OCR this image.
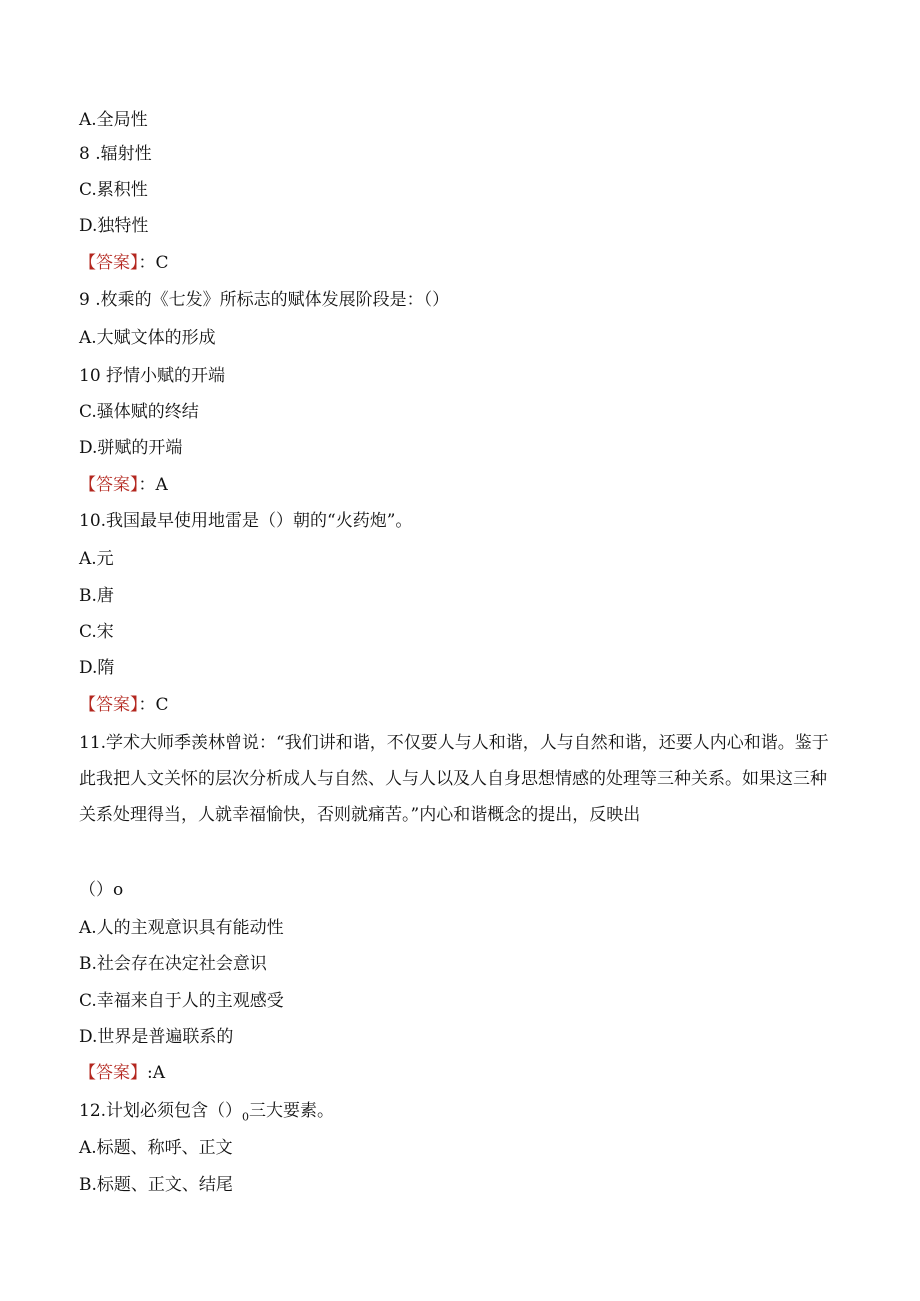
A.全局性
8 .辐射性
C.累积性
D.独特性
【答案】：C
9 .枚乘的《七发》所标志的赋体发展阶段是：（）
A.大赋文体的形成
10 抒情小赋的开端
C.骚体赋的终结
D.骈赋的开端
【答案】：A
10.我国最早使用地雷是（）朝的“火药炮”。
A.元
B.唐
C.宋
D.隋
【答案】：C
11.学术大师季羡林曾说：“我们讲和谐，不仅要人与人和谐，人与自然和谐，还要人内心和谐。鉴于此我把人文关怀的层次分析成人与自然、人与人以及人自身思想情感的处理等三种关系。如果这三种关系处理得当，人就幸福愉快，否则就痛苦。”内心和谐概念的提出，反映出
（）o
A.人的主观意识具有能动性
B.社会存在决定社会意识
C.幸福来自于人的主观感受
D.世界是普遍联系的
【答案】:A
12.计划必须包含$()_0$三大要素。
A.标题、称呼、正文
B.标题、正文、结尾
